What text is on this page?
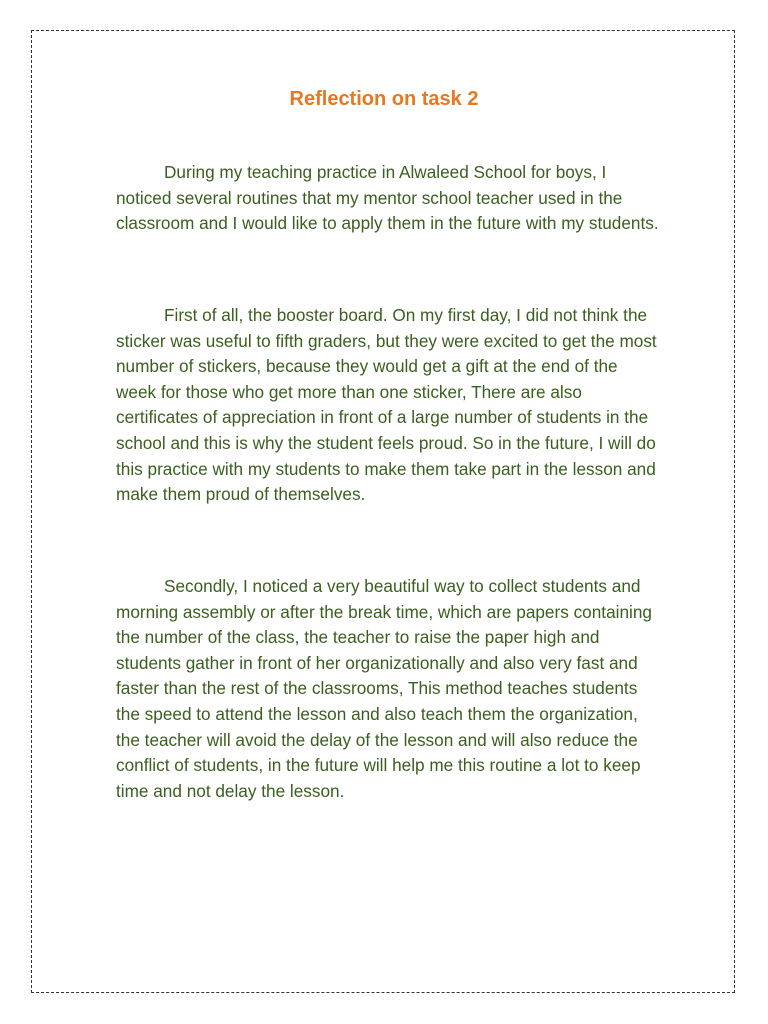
Reflection on task 2

During my teaching practice in Alwaleed School for boys, I noticed several routines that my mentor school teacher used in the classroom and I would like to apply them in the future with my students.

First of all, the booster board. On my first day, I did not think the sticker was useful to fifth graders, but they were excited to get the most number of stickers, because they would get a gift at the end of the week for those who get more than one sticker, There are also certificates of appreciation in front of a large number of students in the school and this is why the student feels proud. So in the future, I will do this practice with my students to make them take part in the lesson and make them proud of themselves.

Secondly, I noticed a very beautiful way to collect students and morning assembly or after the break time, which are papers containing the number of the class, the teacher to raise the paper high and students gather in front of her organizationally and also very fast and faster than the rest of the classrooms, This method teaches students the speed to attend the lesson and also teach them the organization, the teacher will avoid the delay of the lesson and will also reduce the conflict of students, in the future will help me this routine a lot to keep time and not delay the lesson.
